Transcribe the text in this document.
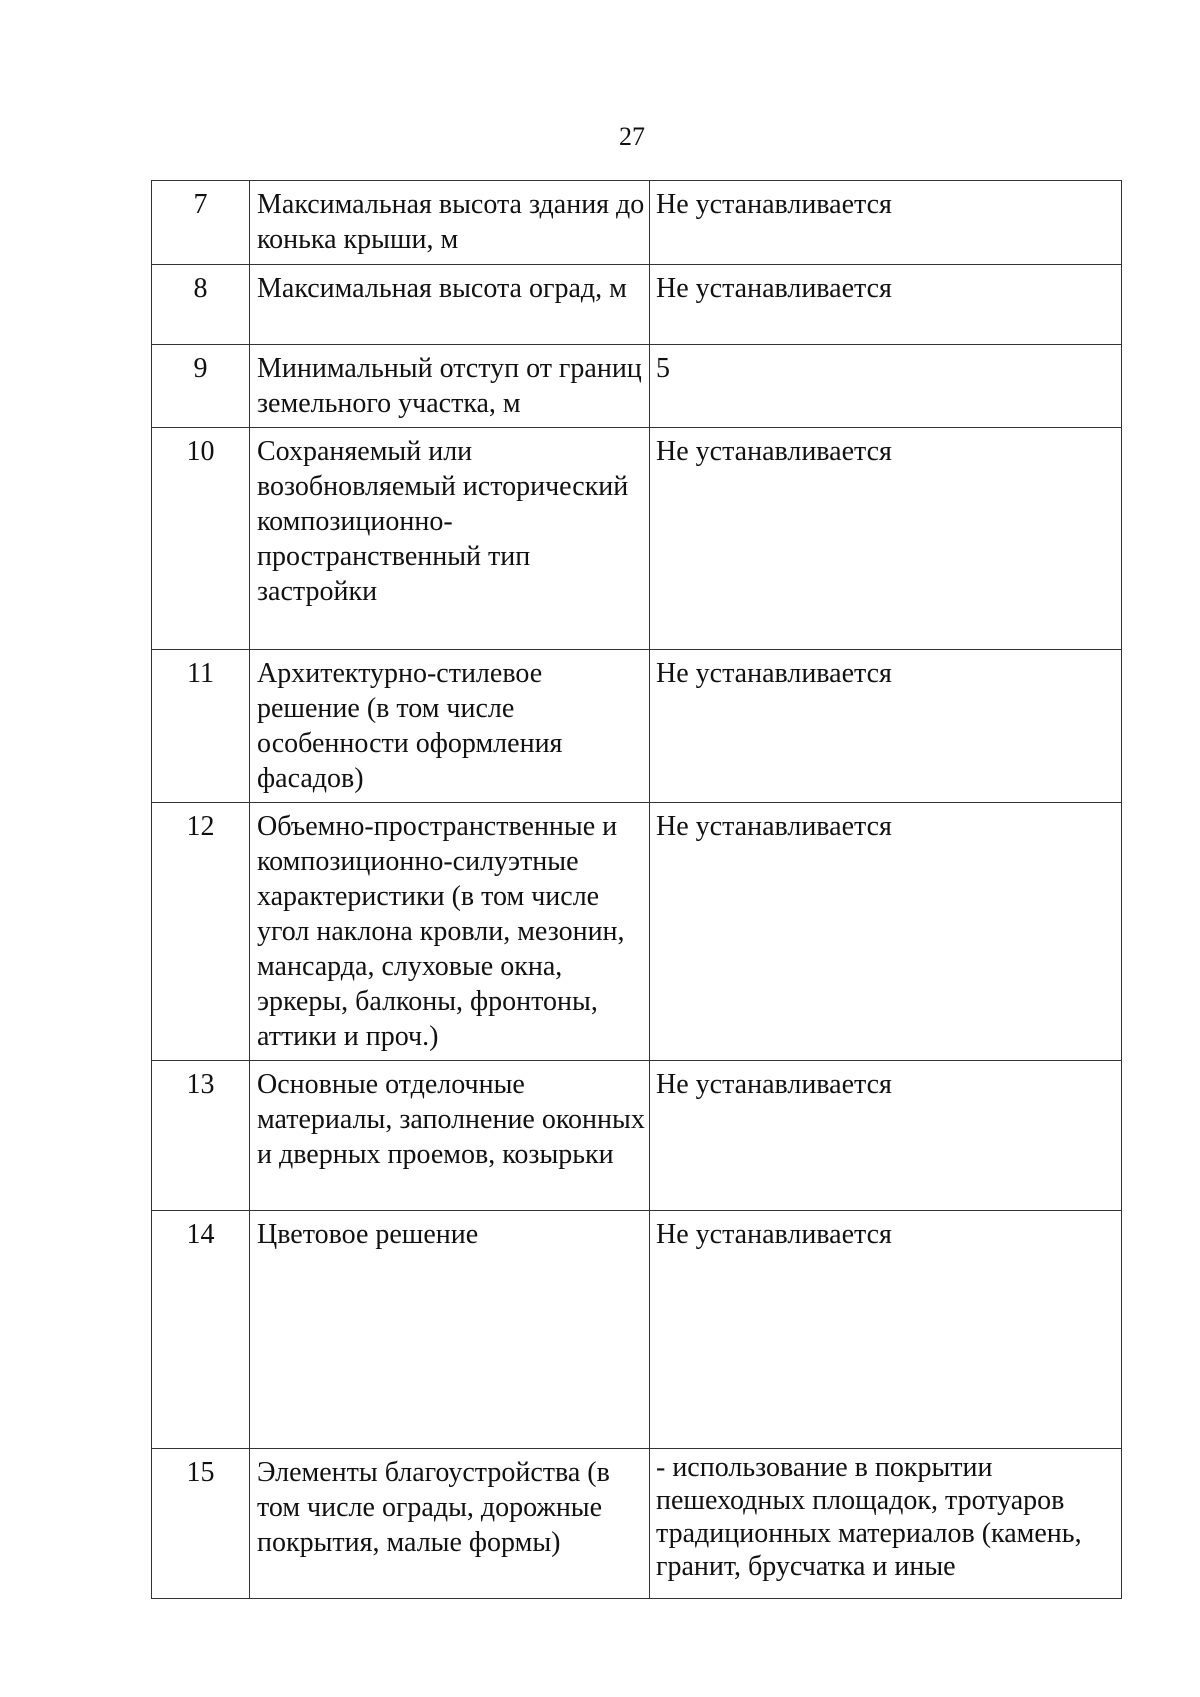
27
7	Максимальная высота здания до конька крыши, м	Не устанавливается
8	Максимальная высота оград, м	Не устанавливается
9	Минимальный отступ от границ земельного участка, м	5
10	Сохраняемый или возобновляемый исторический композиционно-пространственный тип застройки	Не устанавливается
11	Архитектурно-стилевое решение (в том числе особенности оформления фасадов)	Не устанавливается
12	Объемно-пространственные и композиционно-силуэтные характеристики (в том числе угол наклона кровли, мезонин, мансарда, слуховые окна, эркеры, балконы, фронтоны, аттики и проч.)	Не устанавливается
13	Основные отделочные материалы, заполнение оконных и дверных проемов, козырьки	Не устанавливается
14	Цветовое решение	Не устанавливается
15	Элементы благоустройства (в том числе ограды, дорожные покрытия, малые формы)	- использование в покрытии пешеходных площадок, тротуаров традиционных материалов (камень, гранит, брусчатка и иные
